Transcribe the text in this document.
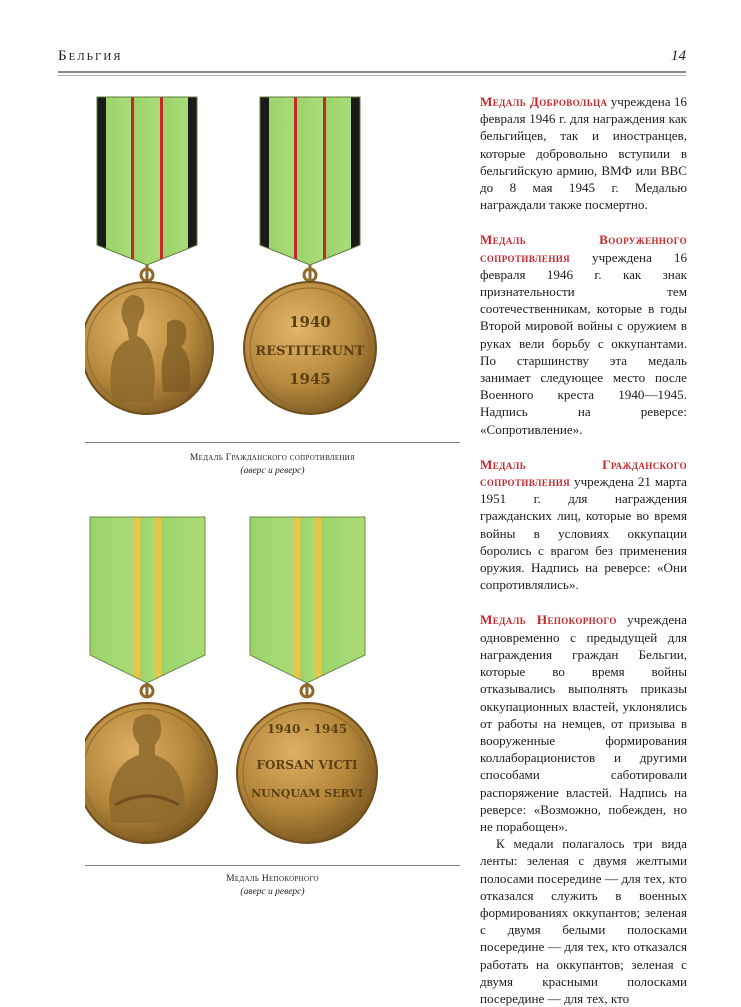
Бельгия	14
1940
RESTITERUNT
1945
Медаль Гражданского сопротивления
(аверс и реверс)
1940 - 1945
FORSAN VICTI
NUNQUAM SERVI
Медаль Непокорного
(аверс и реверс)

Медаль Добровольца учреждена 16 февраля 1946 г. для награждения как бельгийцев, так и иностранцев, которые добровольно вступили в бельгийскую армию, ВМФ или ВВС до 8 мая 1945 г. Медалью награждали также посмертно.

Медаль Вооруженного сопротивления учреждена 16 февраля 1946 г. как знак признательности тем соотечественникам, которые в годы Второй мировой войны с оружием в руках вели борьбу с оккупантами. По старшинству эта медаль занимает следующее место после Военного креста 1940—1945. Надпись на реверсе: «Сопротивление».

Медаль Гражданского сопротивления учреждена 21 марта 1951 г. для награждения гражданских лиц, которые во время войны в условиях оккупации боролись с врагом без применения оружия. Надпись на реверсе: «Они сопротивлялись».

Медаль Непокорного учреждена одновременно с предыдущей для награждения граждан Бельгии, которые во время войны отказывались выполнять приказы оккупационных властей, уклонялись от работы на немцев, от призыва в вооруженные формирования коллаборационистов и другими способами саботировали распоряжение властей. Надпись на реверсе: «Возможно, побежден, но не порабощен».

К медали полагалось три вида ленты: зеленая с двумя желтыми полосами посередине — для тех, кто отказался служить в военных формированиях оккупантов; зеленая с двумя белыми полосками посередине — для тех, кто отказался работать на оккупантов; зеленая с двумя красными полосками посередине — для тех, кто
